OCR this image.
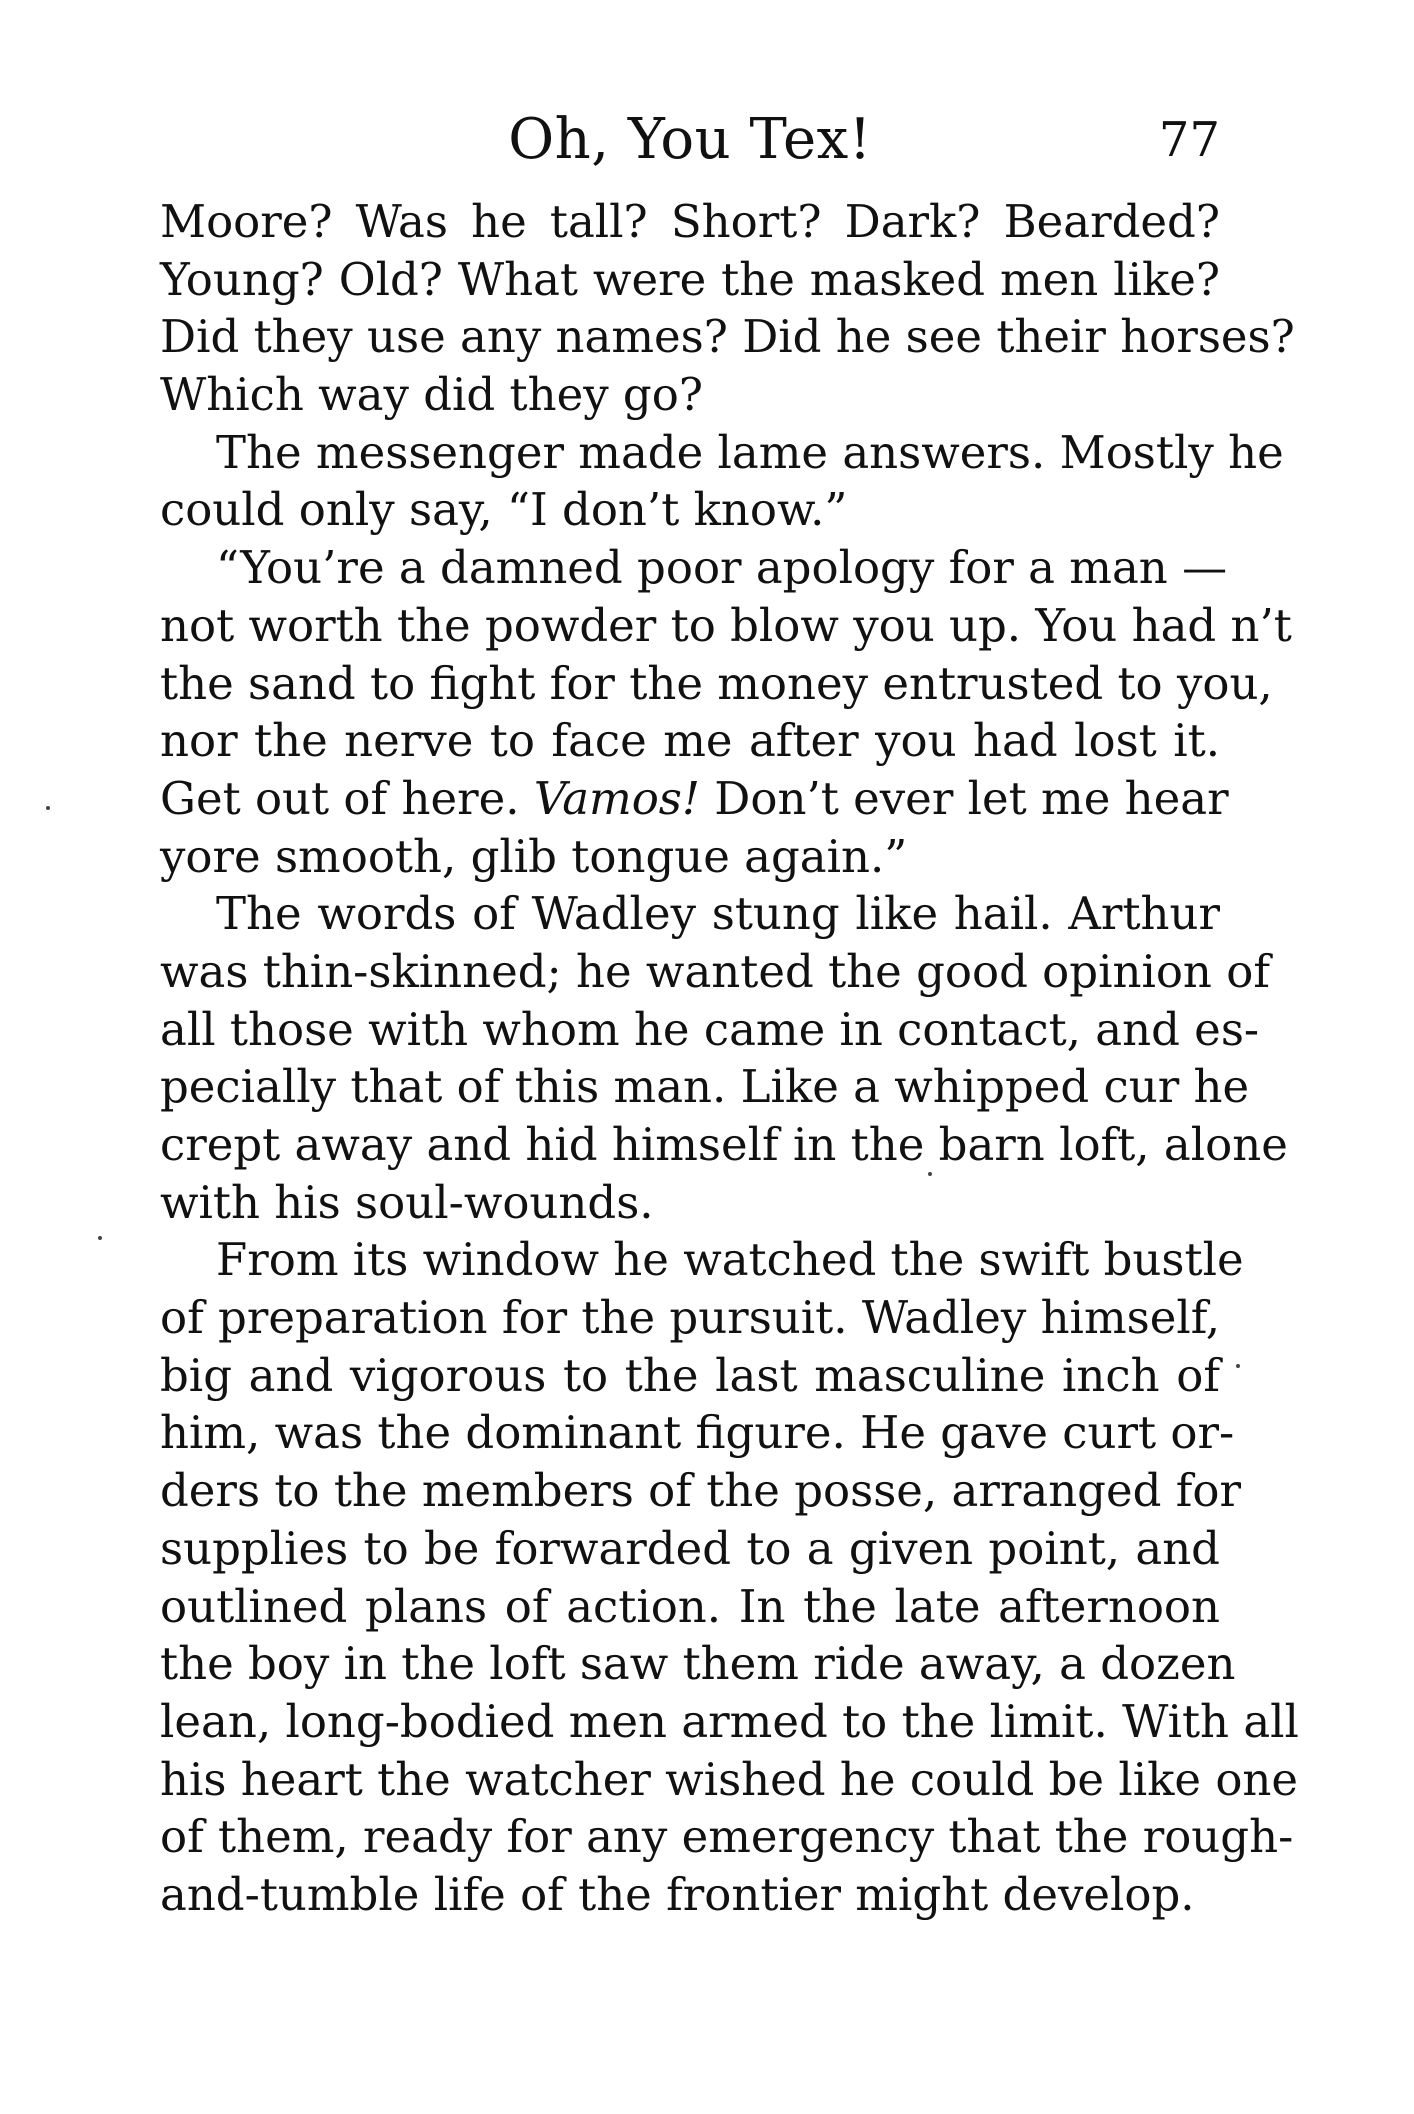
Oh, You Tex!	77
Moore? Was he tall? Short? Dark? Bearded?
Young? Old? What were the masked men like?
Did they use any names? Did he see their horses?
Which way did they go?
The messenger made lame answers. Mostly he
could only say, “I don’t know.”
“You’re a damned poor apology for a man —
not worth the powder to blow you up. You had n’t
the sand to fight for the money entrusted to you,
nor the nerve to face me after you had lost it.
Get out of here. Vamos! Don’t ever let me hear
yore smooth, glib tongue again.”
The words of Wadley stung like hail. Arthur
was thin-skinned; he wanted the good opinion of
all those with whom he came in contact, and es-
pecially that of this man. Like a whipped cur he
crept away and hid himself in the barn loft, alone
with his soul-wounds.
From its window he watched the swift bustle
of preparation for the pursuit. Wadley himself,
big and vigorous to the last masculine inch of
him, was the dominant figure. He gave curt or-
ders to the members of the posse, arranged for
supplies to be forwarded to a given point, and
outlined plans of action. In the late afternoon
the boy in the loft saw them ride away, a dozen
lean, long-bodied men armed to the limit. With all
his heart the watcher wished he could be like one
of them, ready for any emergency that the rough-
and-tumble life of the frontier might develop.
